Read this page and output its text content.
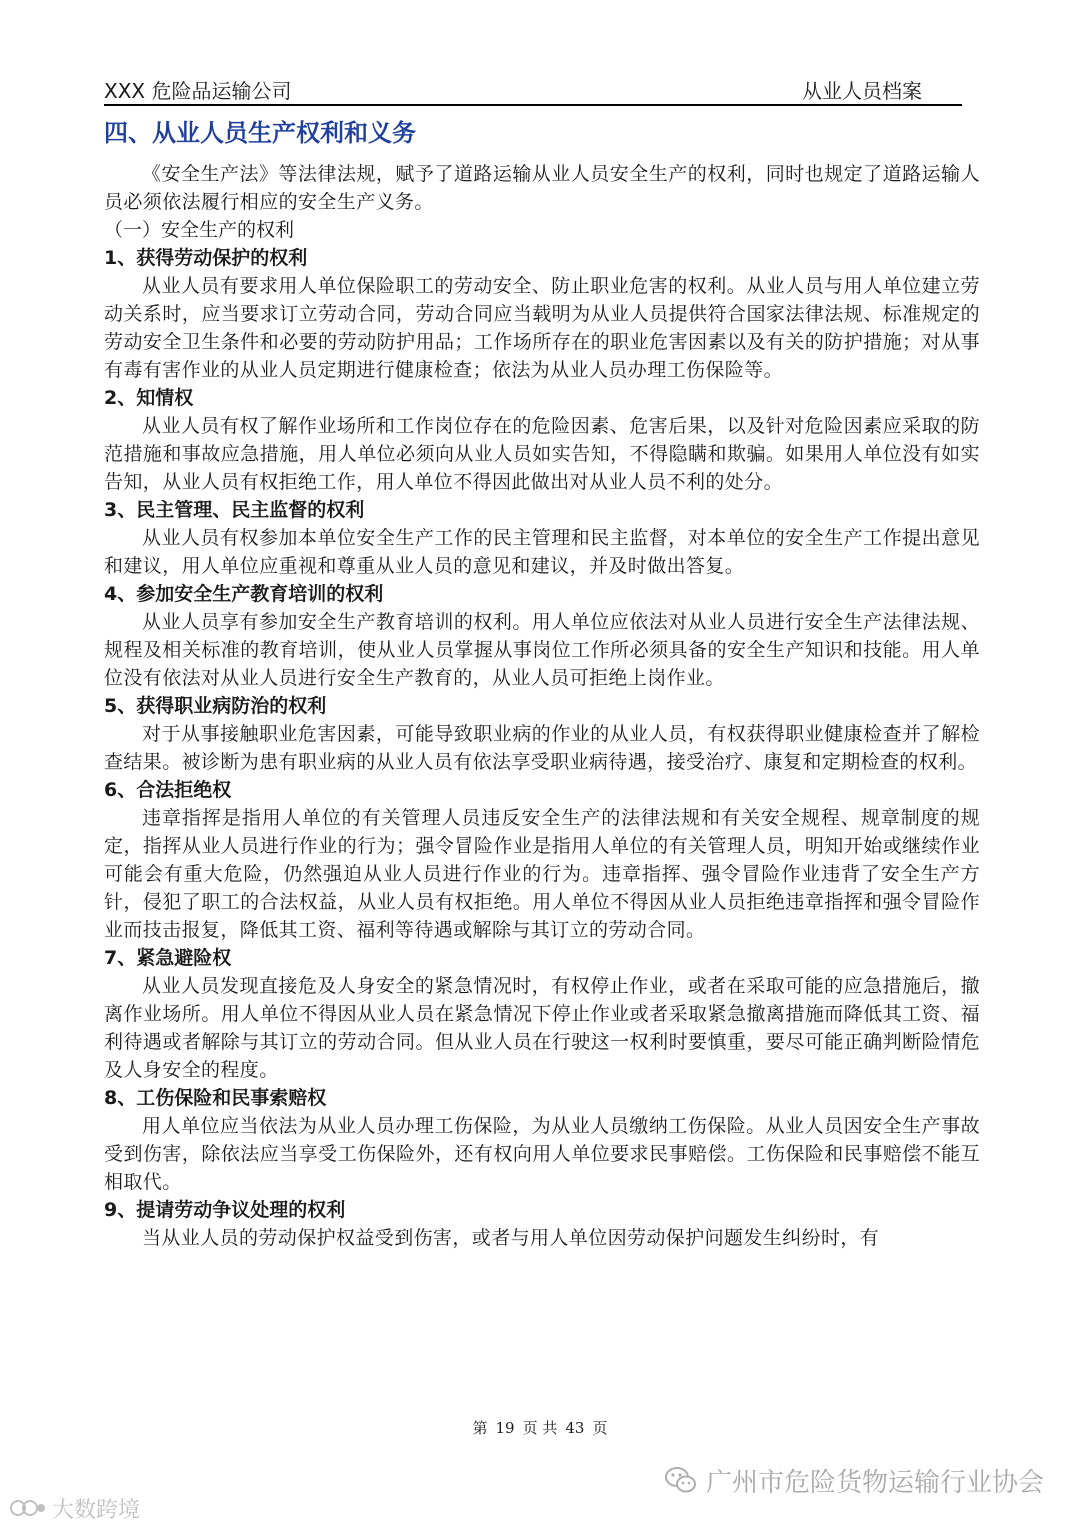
XXX 危险品运输公司	从业人员档案
四、从业人员生产权利和义务

《安全生产法》等法律法规，赋予了道路运输从业人员安全生产的权利，同时也规定了道路运输人员必须依法履行相应的安全生产义务。

（一）安全生产的权利

1、获得劳动保护的权利

从业人员有要求用人单位保险职工的劳动安全、防止职业危害的权利。从业人员与用人单位建立劳动关系时，应当要求订立劳动合同，劳动合同应当载明为从业人员提供符合国家法律法规、标准规定的劳动安全卫生条件和必要的劳动防护用品；工作场所存在的职业危害因素以及有关的防护措施；对从事有毒有害作业的从业人员定期进行健康检查；依法为从业人员办理工伤保险等。

2、知情权

从业人员有权了解作业场所和工作岗位存在的危险因素、危害后果，以及针对危险因素应采取的防范措施和事故应急措施，用人单位必须向从业人员如实告知，不得隐瞒和欺骗。如果用人单位没有如实告知，从业人员有权拒绝工作，用人单位不得因此做出对从业人员不利的处分。

3、民主管理、民主监督的权利

从业人员有权参加本单位安全生产工作的民主管理和民主监督，对本单位的安全生产工作提出意见和建议，用人单位应重视和尊重从业人员的意见和建议，并及时做出答复。

4、参加安全生产教育培训的权利

从业人员享有参加安全生产教育培训的权利。用人单位应依法对从业人员进行安全生产法律法规、规程及相关标准的教育培训，使从业人员掌握从事岗位工作所必须具备的安全生产知识和技能。用人单位没有依法对从业人员进行安全生产教育的，从业人员可拒绝上岗作业。

5、获得职业病防治的权利

对于从事接触职业危害因素，可能导致职业病的作业的从业人员，有权获得职业健康检查并了解检查结果。被诊断为患有职业病的从业人员有依法享受职业病待遇，接受治疗、康复和定期检查的权利。

6、合法拒绝权

违章指挥是指用人单位的有关管理人员违反安全生产的法律法规和有关安全规程、规章制度的规定，指挥从业人员进行作业的行为；强令冒险作业是指用人单位的有关管理人员，明知开始或继续作业可能会有重大危险，仍然强迫从业人员进行作业的行为。违章指挥、强令冒险作业违背了安全生产方针，侵犯了职工的合法权益，从业人员有权拒绝。用人单位不得因从业人员拒绝违章指挥和强令冒险作业而技击报复，降低其工资、福利等待遇或解除与其订立的劳动合同。

7、紧急避险权

从业人员发现直接危及人身安全的紧急情况时，有权停止作业，或者在采取可能的应急措施后，撤离作业场所。用人单位不得因从业人员在紧急情况下停止作业或者采取紧急撤离措施而降低其工资、福利待遇或者解除与其订立的劳动合同。但从业人员在行驶这一权利时要慎重，要尽可能正确判断险情危及人身安全的程度。

8、工伤保险和民事索赔权

用人单位应当依法为从业人员办理工伤保险，为从业人员缴纳工伤保险。从业人员因安全生产事故受到伤害，除依法应当享受工伤保险外，还有权向用人单位要求民事赔偿。工伤保险和民事赔偿不能互相取代。

9、提请劳动争议处理的权利

当从业人员的劳动保护权益受到伤害，或者与用人单位因劳动保护问题发生纠纷时，有

第 19 页 共 43 页
广州市危险货物运输行业协会
大数跨境
